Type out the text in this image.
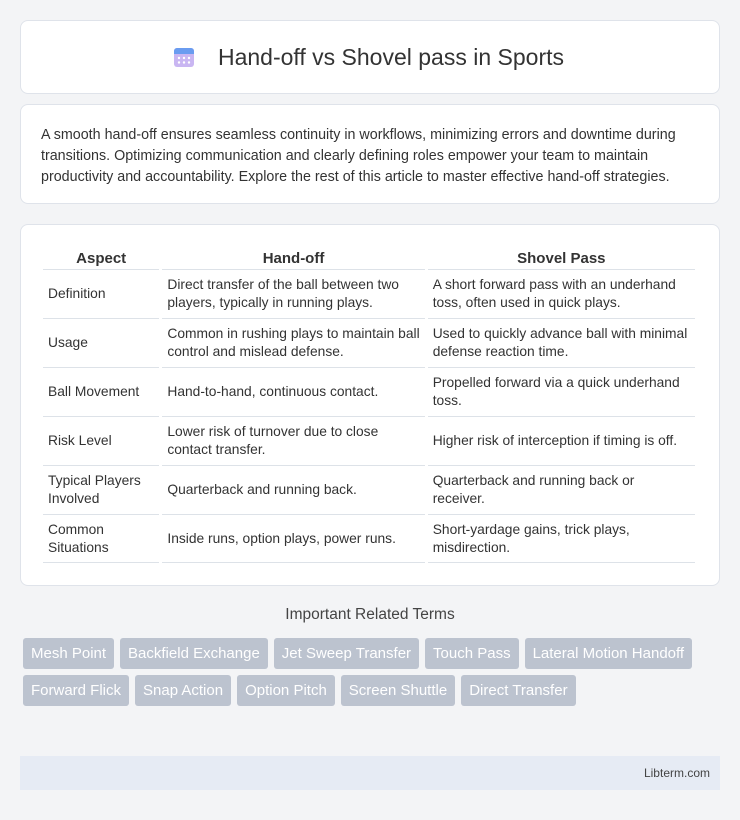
Hand-off vs Shovel pass in Sports

A smooth hand-off ensures seamless continuity in workflows, minimizing errors and downtime during transitions. Optimizing communication and clearly defining roles empower your team to maintain productivity and accountability. Explore the rest of this article to master effective hand-off strategies.

Aspect	Hand-off	Shovel Pass
Definition	Direct transfer of the ball between two players, typically in running plays.	A short forward pass with an underhand toss, often used in quick plays.
Usage	Common in rushing plays to maintain ball control and mislead defense.	Used to quickly advance ball with minimal defense reaction time.
Ball Movement	Hand-to-hand, continuous contact.	Propelled forward via a quick underhand toss.
Risk Level	Lower risk of turnover due to close contact transfer.	Higher risk of interception if timing is off.
Typical Players Involved	Quarterback and running back.	Quarterback and running back or receiver.
Common Situations	Inside runs, option plays, power runs.	Short-yardage gains, trick plays, misdirection.
Important Related Terms
Mesh Point	Backfield Exchange	Jet Sweep Transfer	Touch Pass	Lateral Motion Handoff
Forward Flick	Snap Action	Option Pitch	Screen Shuttle	Direct Transfer
Libterm.com
